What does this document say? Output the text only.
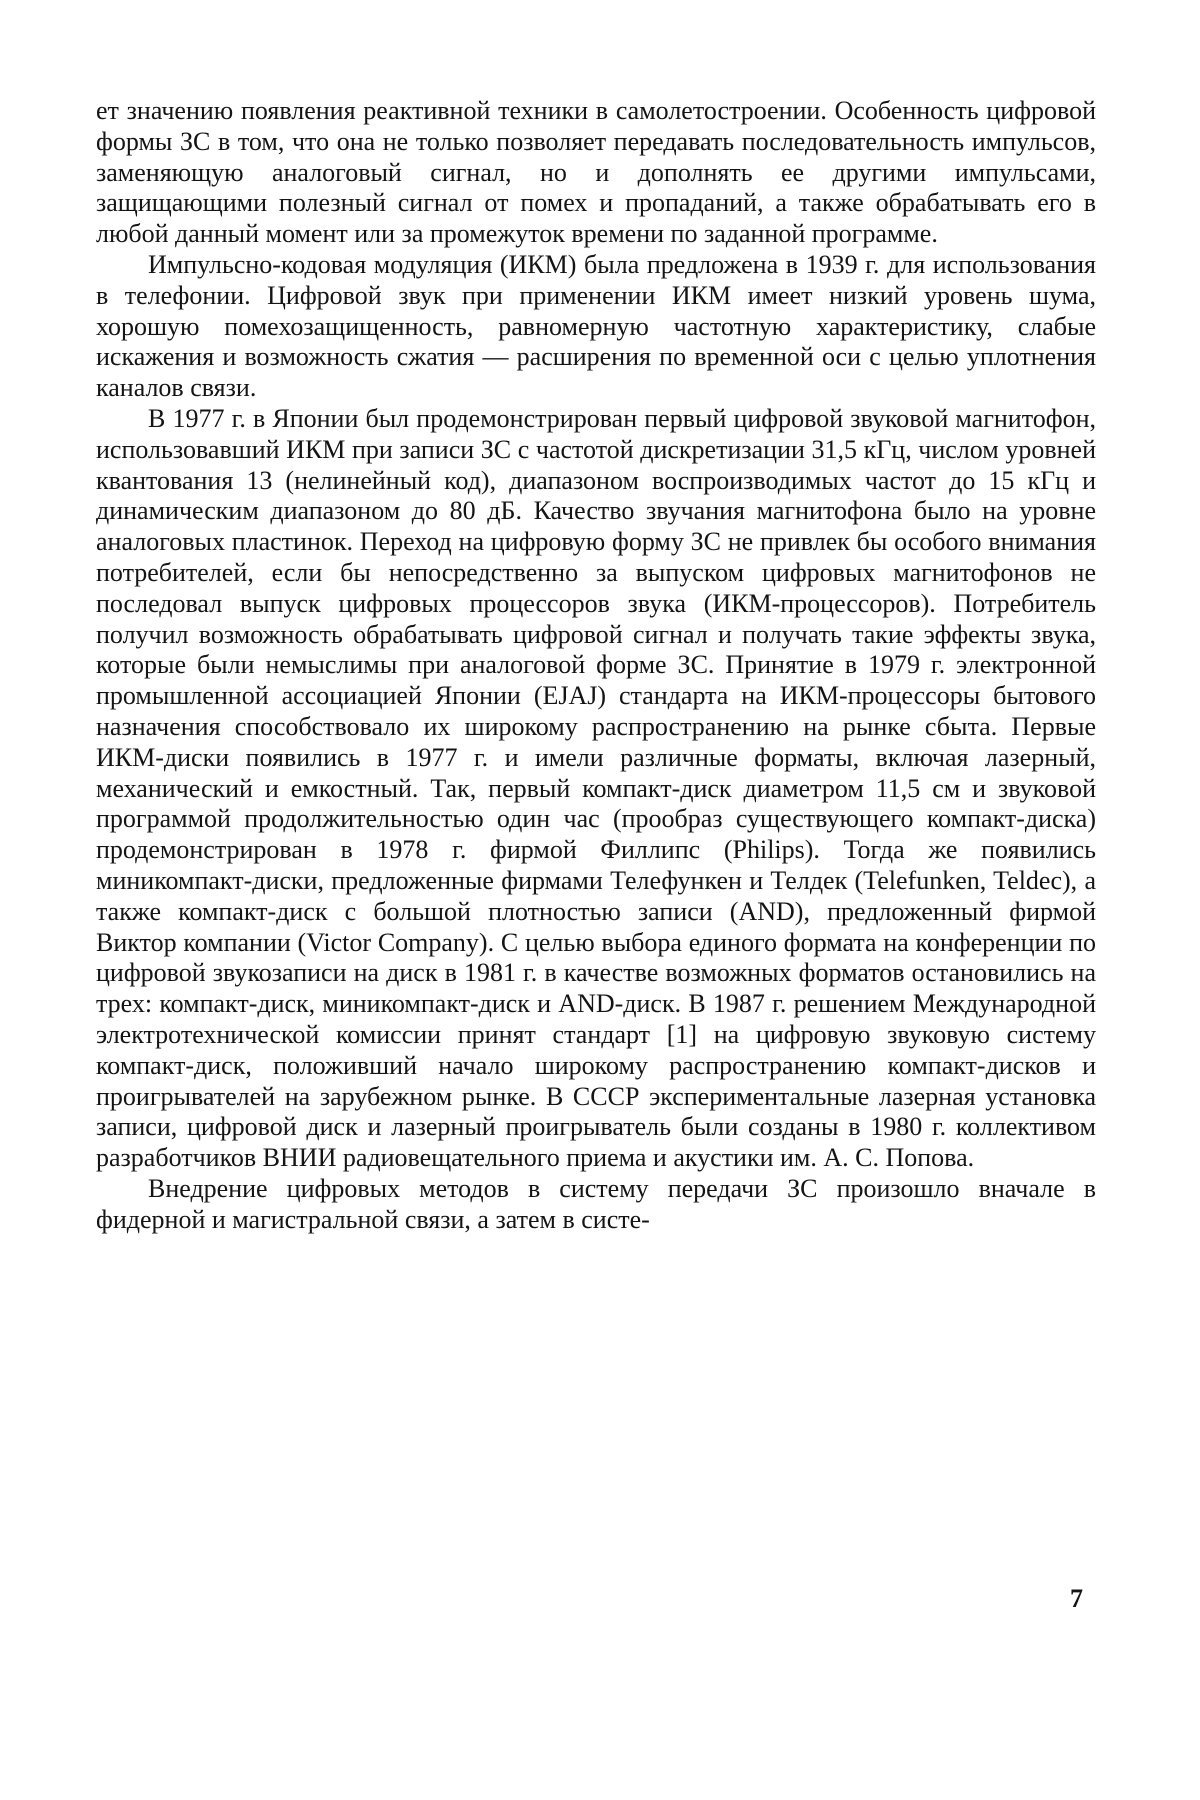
ет значению появления реактивной техники в самолетостроении. Особенность цифровой формы ЗС в том, что она не только позволяет передавать последовательность импульсов, заменяющую аналоговый сигнал, но и дополнять ее другими импульсами, защищающими полезный сигнал от помех и пропаданий, а также обрабатывать его в любой данный момент или за промежуток времени по заданной программе.

Импульсно-кодовая модуляция (ИКМ) была предложена в 1939 г. для использования в телефонии. Цифровой звук при применении ИКМ имеет низкий уровень шума, хорошую помехозащищенность, равномерную частотную характеристику, слабые искажения и возможность сжатия — расширения по временной оси с целью уплотнения каналов связи.

В 1977 г. в Японии был продемонстрирован первый цифровой звуковой магнитофон, использовавший ИКМ при записи ЗС с частотой дискретизации 31,5 кГц, числом уровней квантования 13 (нелинейный код), диапазоном воспроизводимых частот до 15 кГц и динамическим диапазоном до 80 дБ. Качество звучания магнитофона было на уровне аналоговых пластинок. Переход на цифровую форму ЗС не привлек бы особого внимания потребителей, если бы непосредственно за выпуском цифровых магнитофонов не последовал выпуск цифровых процессоров звука (ИКМ-процессоров). Потребитель получил возможность обрабатывать цифровой сигнал и получать такие эффекты звука, которые были немыслимы при аналоговой форме ЗС. Принятие в 1979 г. электронной промышленной ассоциацией Японии (EJAJ) стандарта на ИКМ-процессоры бытового назначения способствовало их широкому распространению на рынке сбыта. Первые ИКМ-диски появились в 1977 г. и имели различные форматы, включая лазерный, механический и емкостный. Так, первый компакт-диск диаметром 11,5 см и звуковой программой продолжительностью один час (прообраз существующего компакт-диска) продемонстрирован в 1978 г. фирмой Филлипс (Philips). Тогда же появились миникомпакт-диски, предложенные фирмами Телефункен и Телдек (Telefunken, Teldec), а также компакт-диск с большой плотностью записи (AND), предложенный фирмой Виктор компании (Victor Company). С целью выбора единого формата на конференции по цифровой звукозаписи на диск в 1981 г. в качестве возможных форматов остановились на трех: компакт-диск, миникомпакт-диск и AND-диск. В 1987 г. решением Международной электротехнической комиссии принят стандарт [1] на цифровую звуковую систему компакт-диск, положивший начало широкому распространению компакт-дисков и проигрывателей на зарубежном рынке. В СССР экспериментальные лазерная установка записи, цифровой диск и лазерный проигрыватель были созданы в 1980 г. коллективом разработчиков ВНИИ радиовещательного приема и акустики им. А. С. Попова.

Внедрение цифровых методов в систему передачи ЗС произошло вначале в фидерной и магистральной связи, а затем в систе-

7
